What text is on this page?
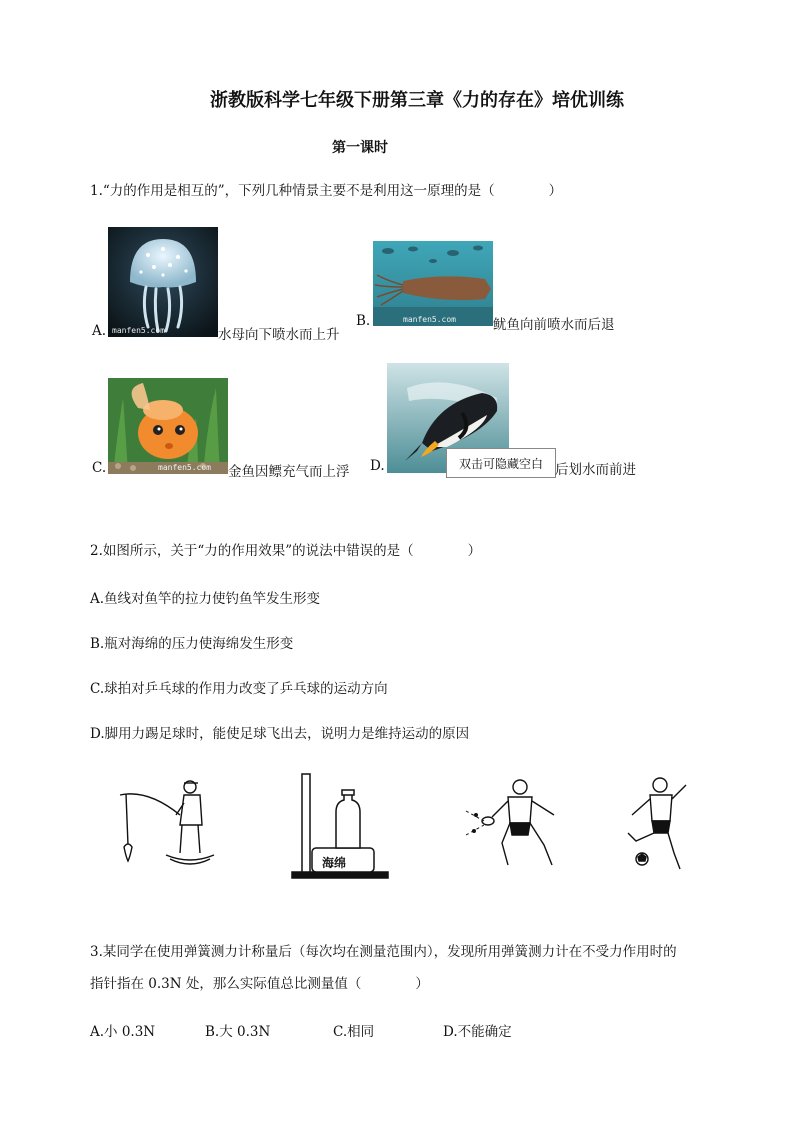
浙教版科学七年级下册第三章《力的存在》培优训练
第一课时
1.“力的作用是相互的”，下列几种情景主要不是利用这一原理的是（　　　　）
A. manfen5.com	水母向下喷水而上升
B.	manfen5.com	鱿鱼向前喷水而后退
C.	manfen5.com 金鱼因鳔充气而上浮 D.	双击可隐藏空白 后划水而前进
2.如图所示，关于“力的作用效果”的说法中错误的是（　　　　）
A.鱼线对鱼竿的拉力使钓鱼竿发生形变
B.瓶对海绵的压力使海绵发生形变
C.球拍对乒乓球的作用力改变了乒乓球的运动方向
D.脚用力踢足球时，能使足球飞出去，说明力是维持运动的原因
海绵
3.某同学在使用弹簧测力计称量后（每次均在测量范围内），发现所用弹簧测力计在不受力作用时的
指针指在 0.3N 处，那么实际值总比测量值（　　　　）
A.小 0.3N	B.大 0.3N	C.相同	D.不能确定
